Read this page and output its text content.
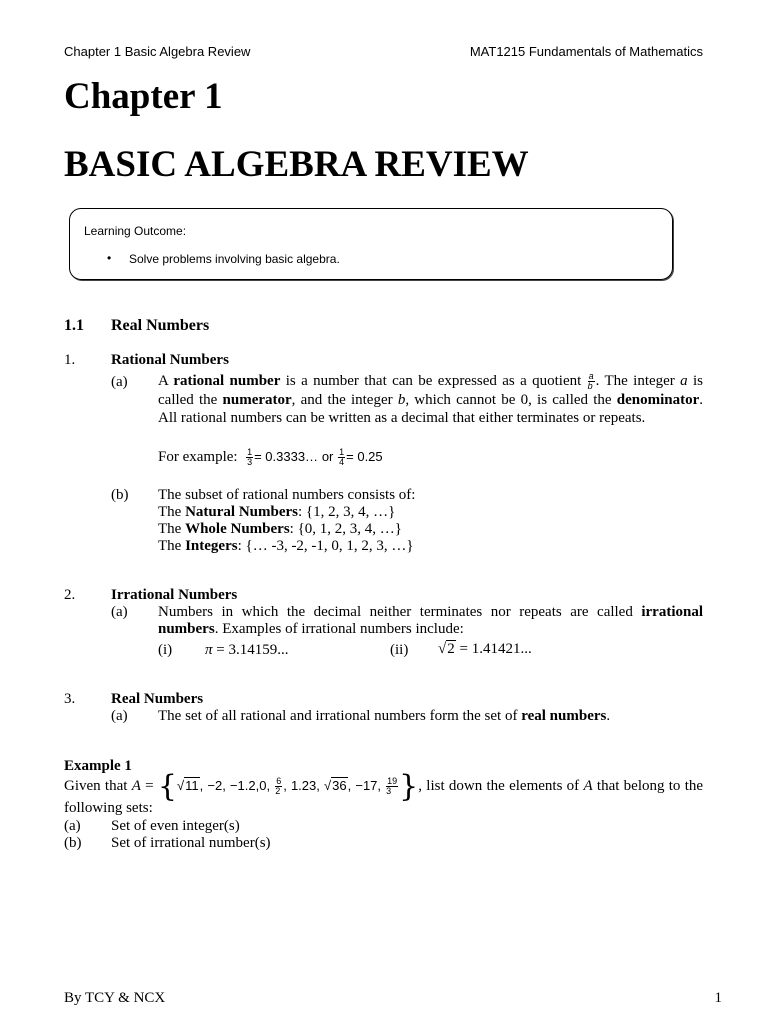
Chapter 1 Basic Algebra Review	MAT1215 Fundamentals of Mathematics
Chapter 1
BASIC ALGEBRA REVIEW
Learning Outcome:
• Solve problems involving basic algebra.
1.1 Real Numbers
1. Rational Numbers
(a) A rational number is a number that can be expressed as a quotient $\frac{a}{b}$ . The integer a is called the numerator, and the integer b, which cannot be 0, is called the denominator. All rational numbers can be written as a decimal that either terminates or repeats.
For example: $\frac{1}{3}$ = 0.3333… or $\frac{1}{4} = 0.25$
(b) The subset of rational numbers consists of:
The Natural Numbers: {1, 2, 3, 4, …}
The Whole Numbers: {0, 1, 2, 3, 4, …}
The Integers: {… -3, -2, -1, 0, 1, 2, 3, …}
2. Irrational Numbers
(a) Numbers in which the decimal neither terminates nor repeats are called irrational numbers. Examples of irrational numbers include:
(i) π = 3.14159...	(ii) √2 = 1.41421...
3. Real Numbers
(a) The set of all rational and irrational numbers form the set of real numbers.
Example 1
Given that A = {√11, −2, −1.2,0, $\frac{6}{2}$ , 1.23, √36, −17, $\frac{19}{3}$ }, list down the elements of A that belong to the following sets:
(a) Set of even integer(s)
(b) Set of irrational number(s)
By TCY & NCX	1
